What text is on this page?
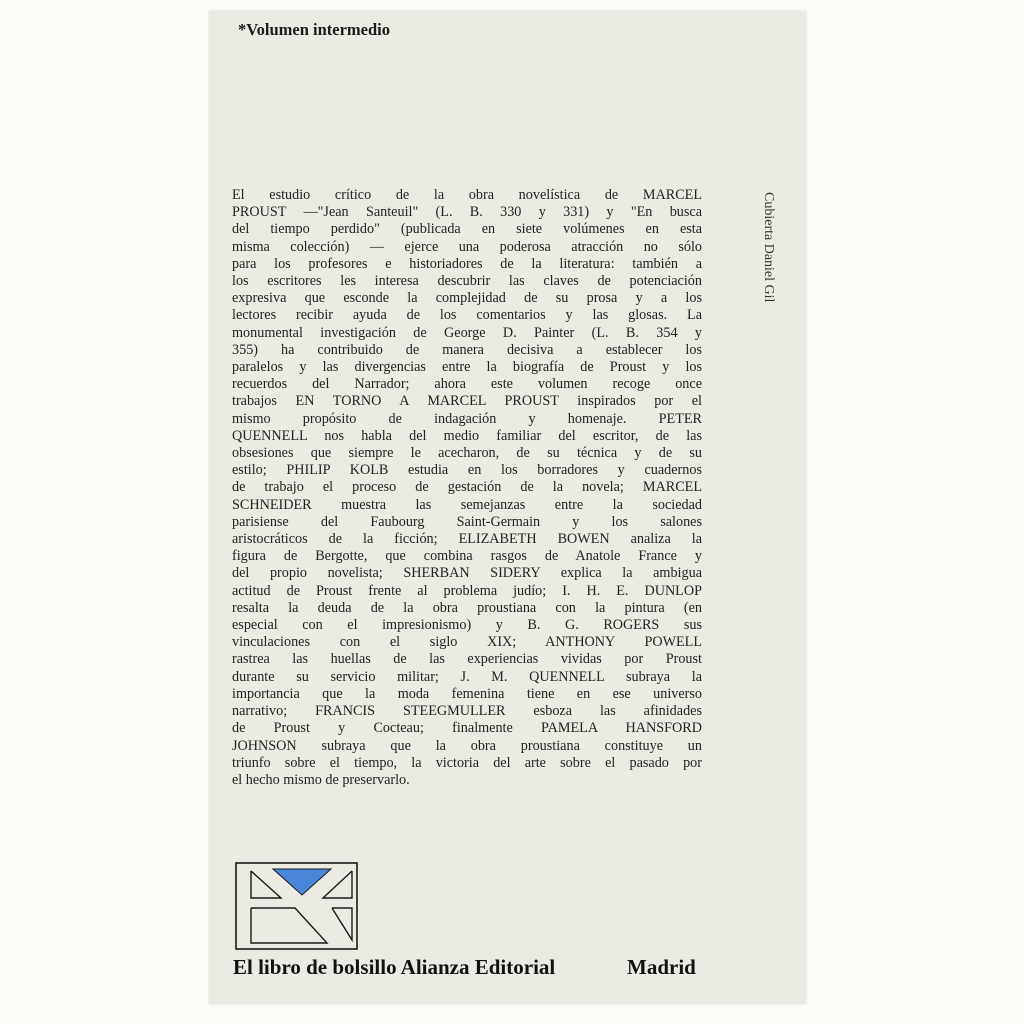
*Volumen intermedio
El estudio crítico de la obra novelística de MARCEL
PROUST —"Jean Santeuil" (L. B. 330 y 331) y "En busca
del tiempo perdido" (publicada en siete volúmenes en esta
misma colección) — ejerce una poderosa atracción no sólo
para los profesores e historiadores de la literatura: también a
los escritores les interesa descubrir las claves de potenciación
expresiva que esconde la complejidad de su prosa y a los
lectores recibir ayuda de los comentarios y las glosas. La
monumental investigación de George D. Painter (L. B. 354 y
355) ha contribuido de manera decisiva a establecer los
paralelos y las divergencias entre la biografía de Proust y los
recuerdos del Narrador; ahora este volumen recoge once
trabajos EN TORNO A MARCEL PROUST inspirados por el
mismo propósito de indagación y homenaje. PETER
QUENNELL nos habla del medio familiar del escritor, de las
obsesiones que siempre le acecharon, de su técnica y de su
estilo; PHILIP KOLB estudia en los borradores y cuadernos
de trabajo el proceso de gestación de la novela; MARCEL
SCHNEIDER muestra las semejanzas entre la sociedad
parisiense del Faubourg Saint-Germain y los salones
aristocráticos de la ficción; ELIZABETH BOWEN analiza la
figura de Bergotte, que combina rasgos de Anatole France y
del propio novelista; SHERBAN SIDERY explica la ambigua
actitud de Proust frente al problema judío; I. H. E. DUNLOP
resalta la deuda de la obra proustiana con la pintura (en
especial con el impresionismo) y B. G. ROGERS sus
vinculaciones con el siglo XIX; ANTHONY POWELL
rastrea las huellas de las experiencias vividas por Proust
durante su servicio militar; J. M. QUENNELL subraya la
importancia que la moda femenina tiene en ese universo
narrativo; FRANCIS STEEGMULLER esboza las afinidades
de Proust y Cocteau; finalmente PAMELA HANSFORD
JOHNSON subraya que la obra proustiana constituye un
triunfo sobre el tiempo, la victoria del arte sobre el pasado por
el hecho mismo de preservarlo.
Cubierta Daniel Gil
El libro de bolsillo Alianza Editorial	Madrid
